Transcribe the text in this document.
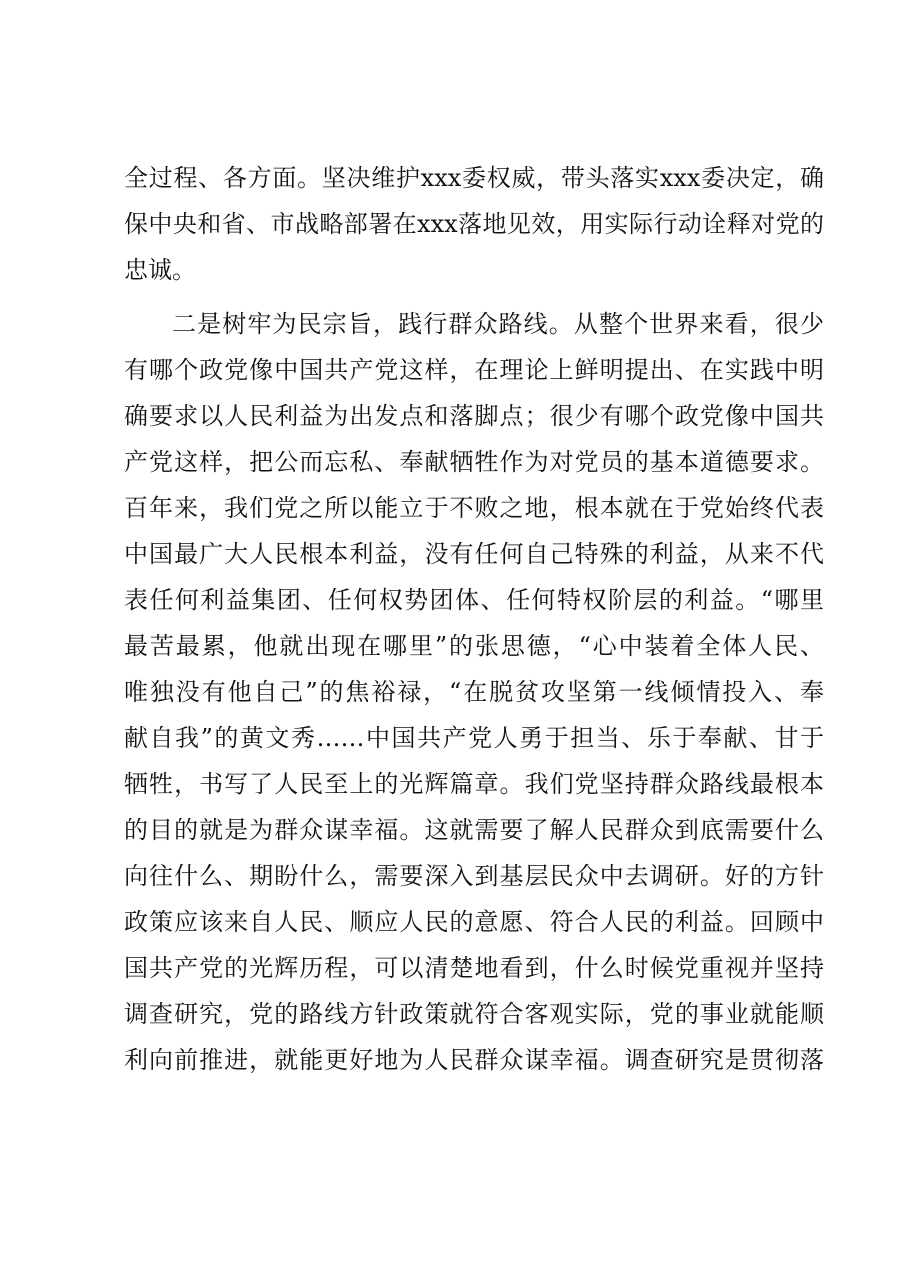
全过程、各方面。坚决维护xxx委权威，带头落实xxx委决定，确
保中央和省、市战略部署在xxx落地见效，用实际行动诠释对党的
忠诚。
二是树牢为民宗旨，践行群众路线。从整个世界来看，很少
有哪个政党像中国共产党这样，在理论上鲜明提出、在实践中明
确要求以人民利益为出发点和落脚点；很少有哪个政党像中国共
产党这样，把公而忘私、奉献牺牲作为对党员的基本道德要求。
百年来，我们党之所以能立于不败之地，根本就在于党始终代表
中国最广大人民根本利益，没有任何自己特殊的利益，从来不代
表任何利益集团、任何权势团体、任何特权阶层的利益。“哪里
最苦最累，他就出现在哪里”的张思德，“心中装着全体人民、
唯独没有他自己”的焦裕禄，“在脱贫攻坚第一线倾情投入、奉
献自我”的黄文秀……中国共产党人勇于担当、乐于奉献、甘于
牺牲，书写了人民至上的光辉篇章。我们党坚持群众路线最根本
的目的就是为群众谋幸福。这就需要了解人民群众到底需要什么
向往什么、期盼什么，需要深入到基层民众中去调研。好的方针
政策应该来自人民、顺应人民的意愿、符合人民的利益。回顾中
国共产党的光辉历程，可以清楚地看到，什么时候党重视并坚持
调查研究，党的路线方针政策就符合客观实际，党的事业就能顺
利向前推进，就能更好地为人民群众谋幸福。调查研究是贯彻落
